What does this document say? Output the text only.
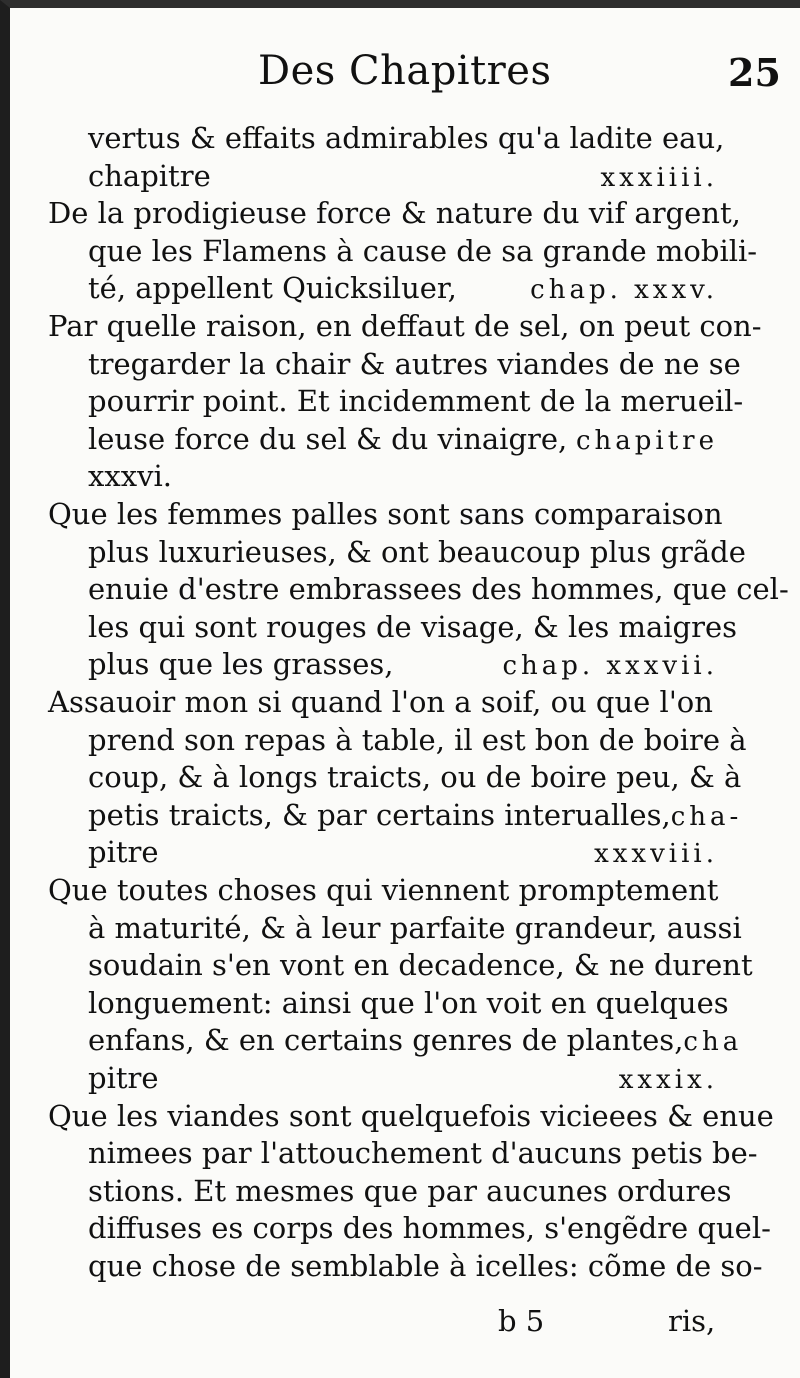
Des Chapitres	25
vertus & effaits admirables qu'a ladite eau,
chapitre	xxxiiii.
De la prodigieuse force & nature du vif argent,
que les Flamens à cause de sa grande mobili-
té, appellent Quicksiluer,	chap. xxxv.
Par quelle raison, en deffaut de sel, on peut con-
tregarder la chair & autres viandes de ne se
pourrir point. Et incidemment de la merueil-
leuse force du sel & du vinaigre, chapitre
xxxvi.
Que les femmes palles sont sans comparaison
plus luxurieuses, & ont beaucoup plus grãde
enuie d'estre embrassees des hommes, que cel-
les qui sont rouges de visage, & les maigres
plus que les grasses,	chap. xxxvii.
Assauoir mon si quand l'on a soif, ou que l'on
prend son repas à table, il est bon de boire à
coup, & à longs traicts, ou de boire peu, & à
petis traicts, & par certains interualles, cha-
pitre	xxxviii.
Que toutes choses qui viennent promptement
à maturité, & à leur parfaite grandeur, aussi
soudain s'en vont en decadence, & ne durent
longuement: ainsi que l'on voit en quelques
enfans, & en certains genres de plantes, cha
pitre	xxxix.
Que les viandes sont quelquefois vicieees & enue
nimees par l'attouchement d'aucuns petis be-
stions. Et mesmes que par aucunes ordures
diffuses es corps des hommes, s'engẽdre quel-
que chose de semblable à icelles: cõme de so-
b 5	ris,
